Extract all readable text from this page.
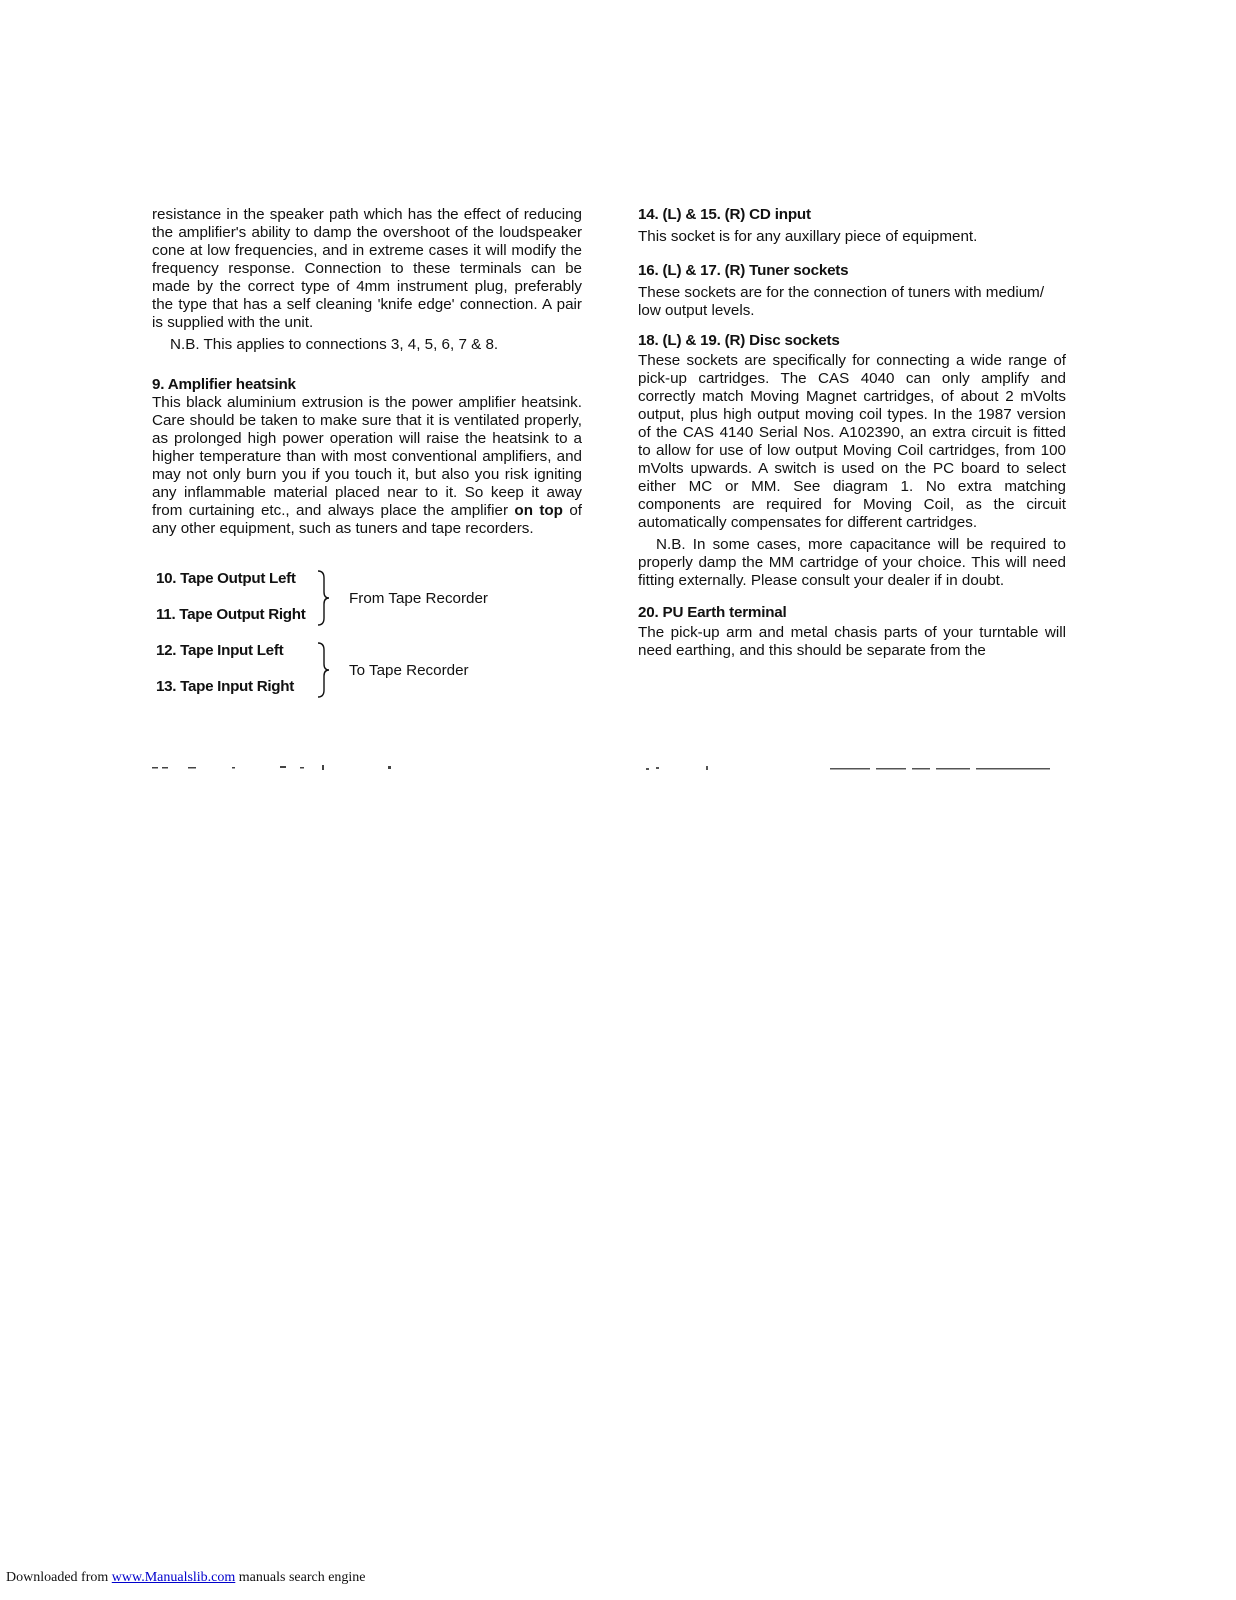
resistance in the speaker path which has the effect of reducing the amplifier's ability to damp the overshoot of the loudspeaker cone at low frequencies, and in extreme cases it will modify the frequency response. Connection to these terminals can be made by the correct type of 4mm instrument plug, preferably the type that has a self cleaning 'knife edge' connection. A pair is supplied with the unit.

N.B. This applies to connections 3, 4, 5, 6, 7 & 8.

9. Amplifier heatsink

This black aluminium extrusion is the power amplifier heatsink. Care should be taken to make sure that it is ventilated properly, as prolonged high power operation will raise the heatsink to a higher temperature than with most conventional amplifiers, and may not only burn you if you touch it, but also you risk igniting any inflammable material placed near to it. So keep it away from curtaining etc., and always place the amplifier on top of any other equipment, such as tuners and tape recorders.

10. Tape Output Left
11. Tape Output Right
From Tape Recorder
12. Tape Input Left
13. Tape Input Right
To Tape Recorder

14. (L) & 15. (R) CD input

This socket is for any auxillary piece of equipment.

16. (L) & 17. (R) Tuner sockets

These sockets are for the connection of tuners with medium/ low output levels.

18. (L) & 19. (R) Disc sockets

These sockets are specifically for connecting a wide range of pick-up cartridges. The CAS 4040 can only amplify and correctly match Moving Magnet cartridges, of about 2 mVolts output, plus high output moving coil types. In the 1987 version of the CAS 4140 Serial Nos. A102390, an extra circuit is fitted to allow for use of low output Moving Coil cartridges, from 100 mVolts upwards. A switch is used on the PC board to select either MC or MM. See diagram 1. No extra matching components are required for Moving Coil, as the circuit automatically compensates for different cartridges.

N.B. In some cases, more capacitance will be required to properly damp the MM cartridge of your choice. This will need fitting externally. Please consult your dealer if in doubt.

20. PU Earth terminal

The pick-up arm and metal chasis parts of your turntable will need earthing, and this should be separate from the

Downloaded from www.Manualslib.com manuals search engine
